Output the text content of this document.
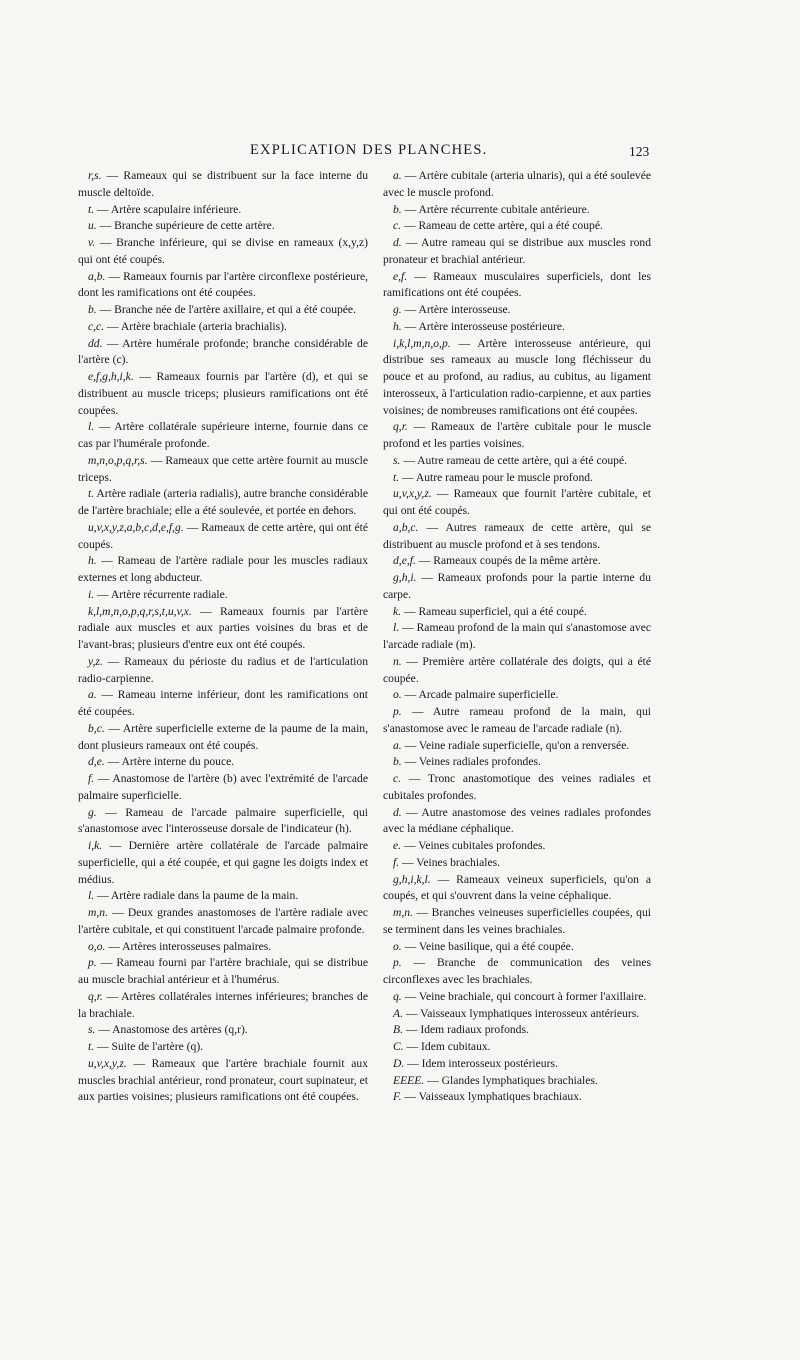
EXPLICATION DES PLANCHES.	123

r,s. — Rameaux qui se distribuent sur la face interne du muscle deltoïde.

t. — Artère scapulaire inférieure.

u. — Branche supérieure de cette artère.

v. — Branche inférieure, qui se divise en rameaux (x,y,z) qui ont été coupés.

a,b. — Rameaux fournis par l'artère circonflexe postérieure, dont les ramifications ont été coupées.

b. — Branche née de l'artère axillaire, et qui a été coupée.

c,c. — Artère brachiale (arteria brachialis).

dd. — Artère humérale profonde; branche considérable de l'artère (c).

e,f,g,h,i,k. — Rameaux fournis par l'artère (d), et qui se distribuent au muscle triceps; plusieurs ramifications ont été coupées.

l. — Artère collatérale supérieure interne, fournie dans ce cas par l'humérale profonde.

m,n,o,p,q,r,s. — Rameaux que cette artère fournit au muscle triceps.

t. Artère radiale (arteria radialis), autre branche considérable de l'artère brachiale; elle a été soulevée, et portée en dehors.

u,v,x,y,z,a,b,c,d,e,f,g. — Rameaux de cette artère, qui ont été coupés.

h. — Rameau de l'artère radiale pour les muscles radiaux externes et long abducteur.

i. — Artère récurrente radiale.

k,l,m,n,o,p,q,r,s,t,u,v,x. — Rameaux fournis par l'artère radiale aux muscles et aux parties voisines du bras et de l'avant-bras; plusieurs d'entre eux ont été coupés.

y,z. — Rameaux du périoste du radius et de l'articulation radio-carpienne.

a. — Rameau interne inférieur, dont les ramifications ont été coupées.

b,c. — Artère superficielle externe de la paume de la main, dont plusieurs rameaux ont été coupés.

d,e. — Artère interne du pouce.

f. — Anastomose de l'artère (b) avec l'extrémité de l'arcade palmaire superficielle.

g. — Rameau de l'arcade palmaire superficielle, qui s'anastomose avec l'interosseuse dorsale de l'indicateur (h).

i,k. — Dernière artère collatérale de l'arcade palmaire superficielle, qui a été coupée, et qui gagne les doigts index et médius.

l. — Artère radiale dans la paume de la main.

m,n. — Deux grandes anastomoses de l'artère radiale avec l'artère cubitale, et qui constituent l'arcade palmaire profonde.

o,o. — Artères interosseuses palmaires.

p. — Rameau fourni par l'artère brachiale, qui se distribue au muscle brachial antérieur et à l'humérus.

q,r. — Artères collatérales internes inférieures; branches de la brachiale.

s. — Anastomose des artères (q,r).

t. — Suite de l'artère (q).

u,v,x,y,z. — Rameaux que l'artère brachiale fournit aux muscles brachial antérieur, rond pronateur, court supinateur, et aux parties voisines; plusieurs ramifications ont été coupées.

a. — Artère cubitale (arteria ulnaris), qui a été soulevée avec le muscle profond.

b. — Artère récurrente cubitale antérieure.

c. — Rameau de cette artère, qui a été coupé.

d. — Autre rameau qui se distribue aux muscles rond pronateur et brachial antérieur.

e,f. — Rameaux musculaires superficiels, dont les ramifications ont été coupées.

g. — Artère interosseuse.

h. — Artère interosseuse postérieure.

i,k,l,m,n,o,p. — Artère interosseuse antérieure, qui distribue ses rameaux au muscle long fléchisseur du pouce et au profond, au radius, au cubitus, au ligament interosseux, à l'articulation radio-carpienne, et aux parties voisines; de nombreuses ramifications ont été coupées.

q,r. — Rameaux de l'artère cubitale pour le muscle profond et les parties voisines.

s. — Autre rameau de cette artère, qui a été coupé.

t. — Autre rameau pour le muscle profond.

u,v,x,y,z. — Rameaux que fournit l'artère cubitale, et qui ont été coupés.

a,b,c. — Autres rameaux de cette artère, qui se distribuent au muscle profond et à ses tendons.

d,e,f. — Rameaux coupés de la même artère.

g,h,i. — Rameaux profonds pour la partie interne du carpe.

k. — Rameau superficiel, qui a été coupé.

l. — Rameau profond de la main qui s'anastomose avec l'arcade radiale (m).

n. — Première artère collatérale des doigts, qui a été coupée.

o. — Arcade palmaire superficielle.

p. — Autre rameau profond de la main, qui s'anastomose avec le rameau de l'arcade radiale (n).

a. — Veine radiale superficielle, qu'on a renversée.

b. — Veines radiales profondes.

c. — Tronc anastomotique des veines radiales et cubitales profondes.

d. — Autre anastomose des veines radiales profondes avec la médiane céphalique.

e. — Veines cubitales profondes.

f. — Veines brachiales.

g,h,i,k,l. — Rameaux veineux superficiels, qu'on a coupés, et qui s'ouvrent dans la veine céphalique.

m,n. — Branches veineuses superficielles coupées, qui se terminent dans les veines brachiales.

o. — Veine basilique, qui a été coupée.

p. — Branche de communication des veines circonflexes avec les brachiales.

q. — Veine brachiale, qui concourt à former l'axillaire.

A. — Vaisseaux lymphatiques interosseux antérieurs.

B. — Idem radiaux profonds.

C. — Idem cubitaux.

D. — Idem interosseux postérieurs.

EEEE. — Glandes lymphatiques brachiales.

F. — Vaisseaux lymphatiques brachiaux.
